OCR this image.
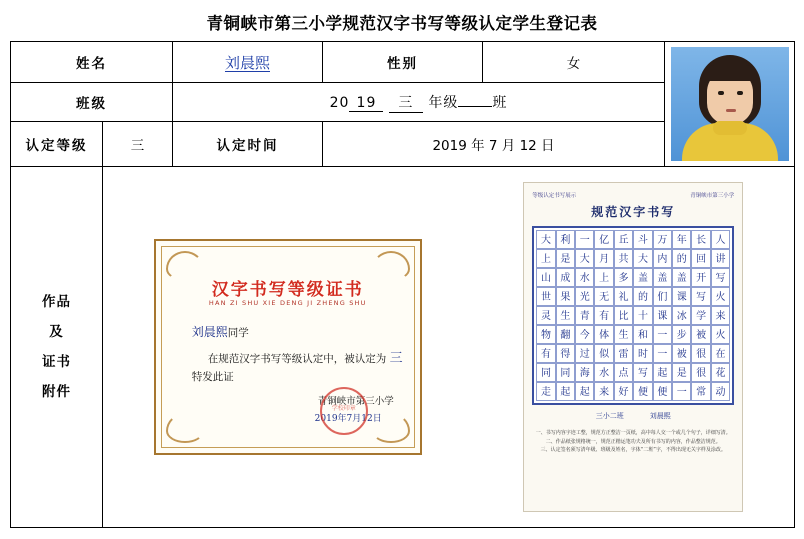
青铜峡市第三小学规范汉字书写等级认定学生登记表
姓名		刘晨熙	性别	女	

班级		20 19 三 年级 班			
认定等级	三	认定时间	2019 年 7 月 12 日		

作品
及
证书
附件

汉字书写等级证书
HAN ZI SHU XIE DENG JI ZHENG SHU
刘晨熙同学
在规范汉字书写等级认定中，被认定为 三
特发此证
青铜峡市第三小学
2019年7月12日
学校印章
等级认定书写展示	青铜峡市第三小学
规范汉字书写
大 利 一 亿 丘 斗 万 年 长 人
上 是 大 月 共 大 内 的 回 讲
山 成 水 上 多 盖 盖 盖 开 写
世 果 光 无 礼 的 们 课 写 火
灵 生 青 有 比 十 课 冰 学 来
物 翻 今 体 生 和 一 步 被 火
有 得 过 似 雷 时 一 被 很 在
同 同 海 水 点 写 起 是 很 花
走 起 起 来 好 便 便 一 常 动
三小二班	刘晨熙
一、书写内容字迹工整，规范方正整洁一页纸，高中每人交一个或几个句子，详细写清。
二、作品纸张规格统一，规范正楷运笔功夫及所有书写的内容，作品整洁规范。
三、认定签名须写清年级、班级及姓名，字体“二班”字，不得出现无关字样及涂改。
